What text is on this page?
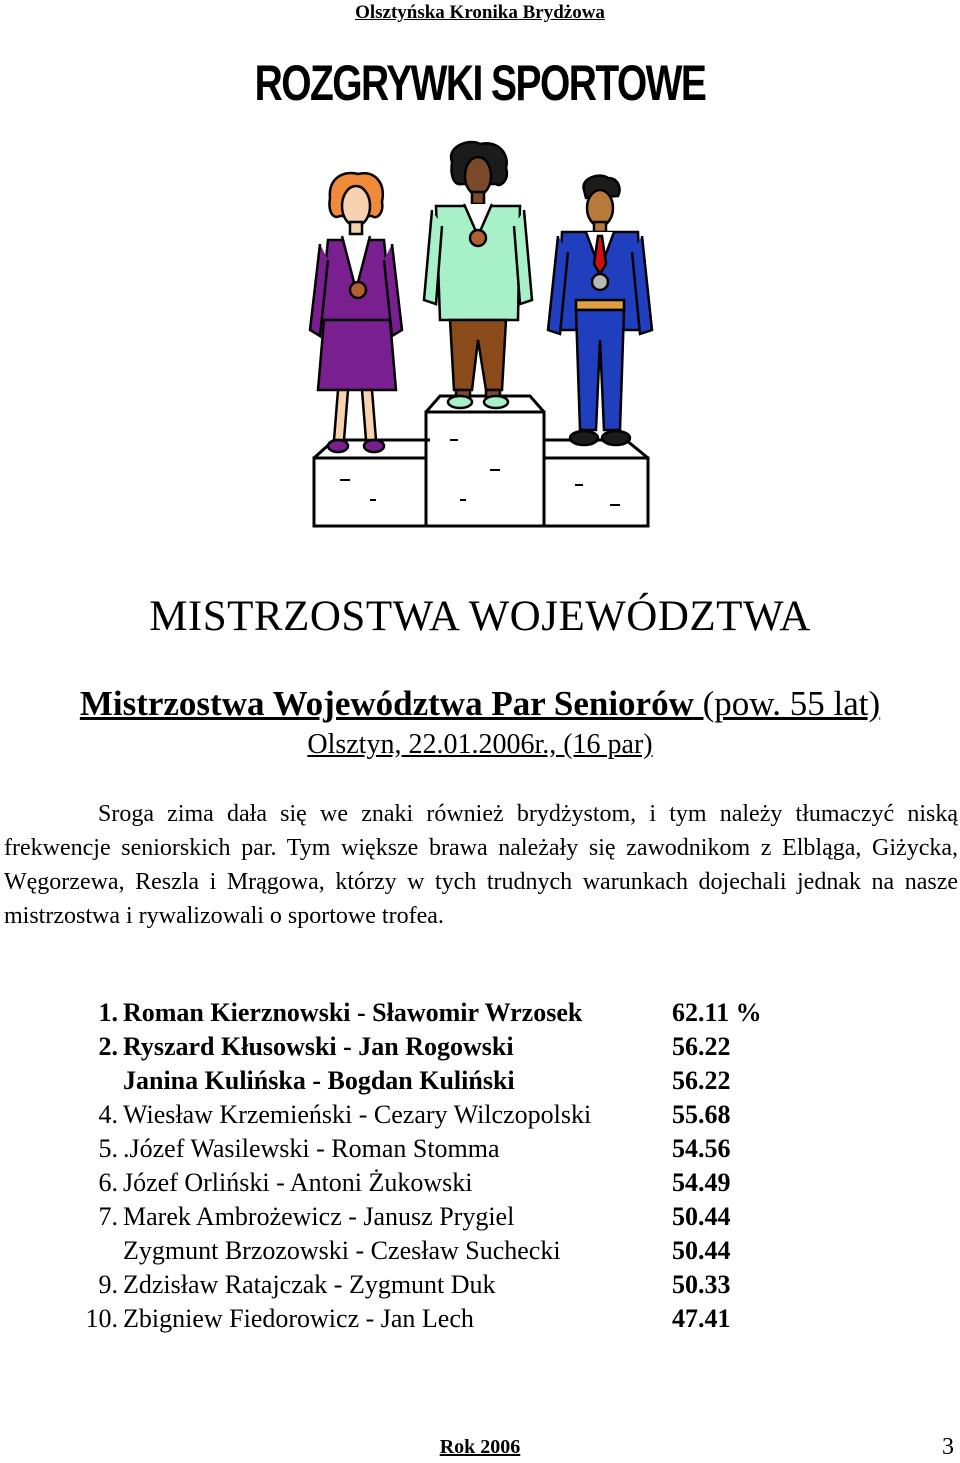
Olsztyńska Kronika Brydżowa
ROZGRYWKI SPORTOWE
MISTRZOSTWA WOJEWÓDZTWA
Mistrzostwa Województwa Par Seniorów (pow. 55 lat)
Olsztyn, 22.01.2006r., (16 par)
Sroga zima dała się we znaki również brydżystom, i tym należy tłumaczyć niską frekwencje seniorskich par. Tym większe brawa należały się zawodnikom z Elbląga, Giżycka, Węgorzewa, Reszla i Mrągowa, którzy w tych trudnych warunkach dojechali jednak na nasze mistrzostwa i rywalizowali o sportowe trofea.
1. Roman Kierznowski - Sławomir Wrzosek	62.11 %
2. Ryszard Kłusowski - Jan Rogowski	56.22
Janina Kulińska - Bogdan Kuliński	56.22
4. Wiesław Krzemieński - Cezary Wilczopolski	55.68
5. .Józef Wasilewski - Roman Stomma	54.56
6. Józef Orliński - Antoni Żukowski	54.49
7. Marek Ambrożewicz - Janusz Prygiel	50.44
Zygmunt Brzozowski - Czesław Suchecki	50.44
9. Zdzisław Ratajczak - Zygmunt Duk	50.33
10. Zbigniew Fiedorowicz - Jan Lech	47.41
Rok 2006	3
